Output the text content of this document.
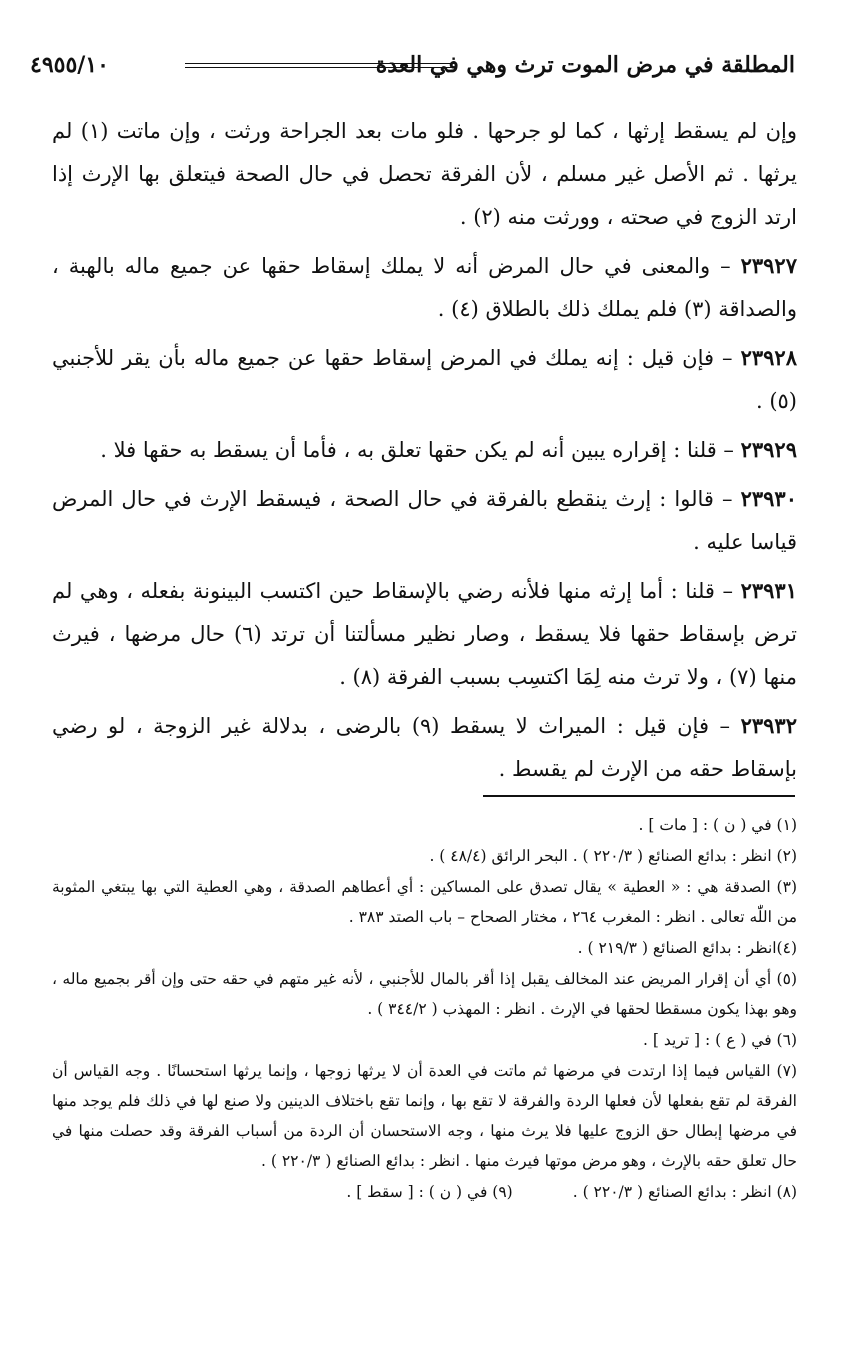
المطلقة في مرض الموت ترث وهي في العدة
٤٩٥٥/١٠

وإن لم يسقط إرثها ، كما لو جرحها . فلو مات بعد الجراحة ورثت ، وإن ماتت (١) لم يرثها . ثم الأصل غير مسلم ، لأن الفرقة تحصل في حال الصحة فيتعلق بها الإرث إذا ارتد الزوج في صحته ، وورثت منه (٢) .

٢٣٩٢٧ – والمعنى في حال المرض أنه لا يملك إسقاط حقها عن جميع ماله بالهبة ، والصداقة (٣) فلم يملك ذلك بالطلاق (٤) .

٢٣٩٢٨ – فإن قيل : إنه يملك في المرض إسقاط حقها عن جميع ماله بأن يقر للأجنبي (٥) .

٢٣٩٢٩ – قلنا : إقراره يبين أنه لم يكن حقها تعلق به ، فأما أن يسقط به حقها فلا .

٢٣٩٣٠ – قالوا : إرث ينقطع بالفرقة في حال الصحة ، فيسقط الإرث في حال المرض قياسا عليه .

٢٣٩٣١ – قلنا : أما إرثه منها فلأنه رضي بالإسقاط حين اكتسب البينونة بفعله ، وهي لم ترض بإسقاط حقها فلا يسقط ، وصار نظير مسألتنا أن ترتد (٦) حال مرضها ، فيرث منها (٧) ، ولا ترث منه لِمَا اكتسِب بسبب الفرقة (٨) .

٢٣٩٣٢ – فإن قيل : الميراث لا يسقط (٩) بالرضى ، بدلالة غير الزوجة ، لو رضي بإسقاط حقه من الإرث لم يقسط .

(١) في ( ن ) : [ مات ] .

(٢) انظر : بدائع الصنائع ( ٢٢٠/٣ ) . البحر الرائق (٤٨/٤ ) .

(٣) الصدقة هي : « العطية » يقال تصدق على المساكين : أي أعطاهم الصدقة ، وهي العطية التي بها يبتغي المثوبة من اللّٰه تعالى . انظر : المغرب ٢٦٤ ، مختار الصحاح – باب الصتد ٣٨٣ .

(٤)انظر : بدائع الصنائع ( ٢١٩/٣ ) .

(٥) أي أن إقرار المريض عند المخالف يقبل إذا أقر بالمال للأجنبي ، لأنه غير متهم في حقه حتى وإن أقر بجميع ماله ، وهو بهذا يكون مسقطا لحقها في الإرث . انظر : المهذب ( ٣٤٤/٢ ) .

(٦) في ( ع ) : [ تريد ] .

(٧) القياس فيما إذا ارتدت في مرضها ثم ماتت في العدة أن لا يرثها زوجها ، وإنما يرثها استحسانًا . وجه القياس أن الفرقة لم تقع بفعلها لأن فعلها الردة والفرقة لا تقع بها ، وإنما تقع باختلاف الدينين ولا صنع لها في ذلك فلم يوجد منها في مرضها إبطال حق الزوج عليها فلا يرث منها ، وجه الاستحسان أن الردة من أسباب الفرقة وقد حصلت منها في حال تعلق حقه بالإرث ، وهو مرض موتها فيرث منها . انظر : بدائع الصنائع ( ٢٢٠/٣ ) .

(٨) انظر : بدائع الصنائع ( ٢٢٠/٣ ) .
(٩) في ( ن ) : [ سقط ] .
